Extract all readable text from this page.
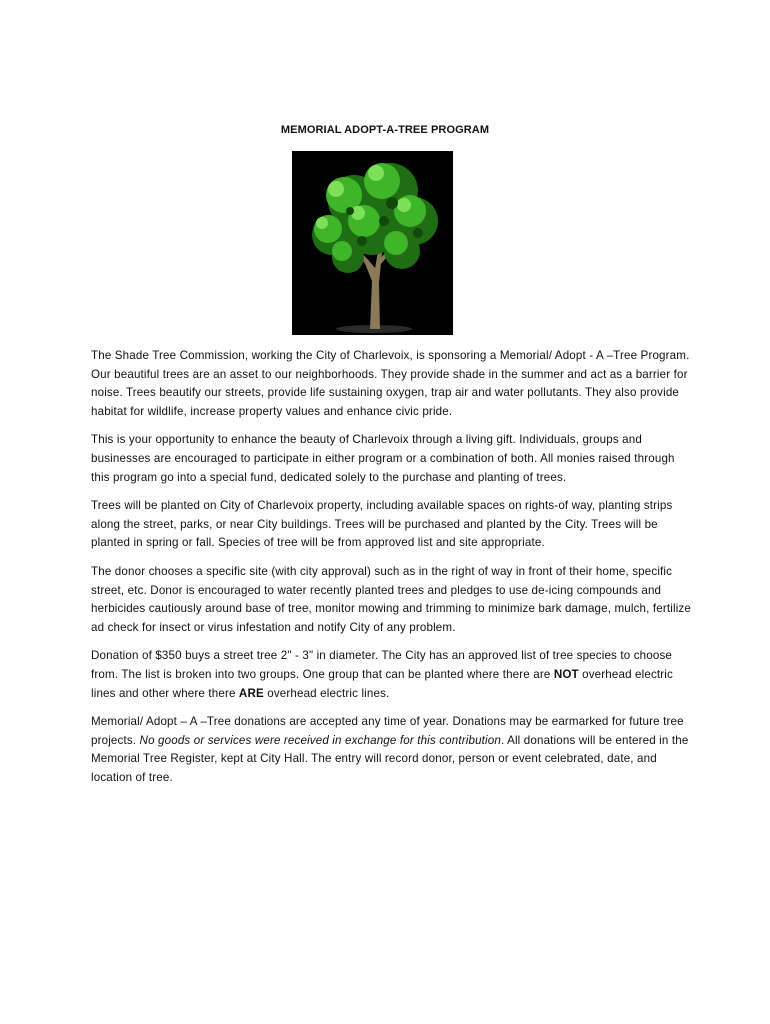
MEMORIAL ADOPT-A-TREE PROGRAM

The Shade Tree Commission, working the City of Charlevoix, is sponsoring a Memorial/ Adopt - A –Tree Program. Our beautiful trees are an asset to our neighborhoods. They provide shade in the summer and act as a barrier for noise. Trees beautify our streets, provide life sustaining oxygen, trap air and water pollutants. They also provide habitat for wildlife, increase property values and enhance civic pride.

This is your opportunity to enhance the beauty of Charlevoix through a living gift. Individuals, groups and businesses are encouraged to participate in either program or a combination of both. All monies raised through this program go into a special fund, dedicated solely to the purchase and planting of trees.

Trees will be planted on City of Charlevoix property, including available spaces on rights-of way, planting strips along the street, parks, or near City buildings. Trees will be purchased and planted by the City. Trees will be planted in spring or fall. Species of tree will be from approved list and site appropriate.

The donor chooses a specific site (with city approval) such as in the right of way in front of their home, specific street, etc. Donor is encouraged to water recently planted trees and pledges to use de-icing compounds and herbicides cautiously around base of tree, monitor mowing and trimming to minimize bark damage, mulch, fertilize ad check for insect or virus infestation and notify City of any problem.

Donation of $350 buys a street tree 2" - 3" in diameter. The City has an approved list of tree species to choose from. The list is broken into two groups. One group that can be planted where there are NOT overhead electric lines and other where there ARE overhead electric lines.

Memorial/ Adopt – A –Tree donations are accepted any time of year. Donations may be earmarked for future tree projects. No goods or services were received in exchange for this contribution. All donations will be entered in the Memorial Tree Register, kept at City Hall. The entry will record donor, person or event celebrated, date, and location of tree.
